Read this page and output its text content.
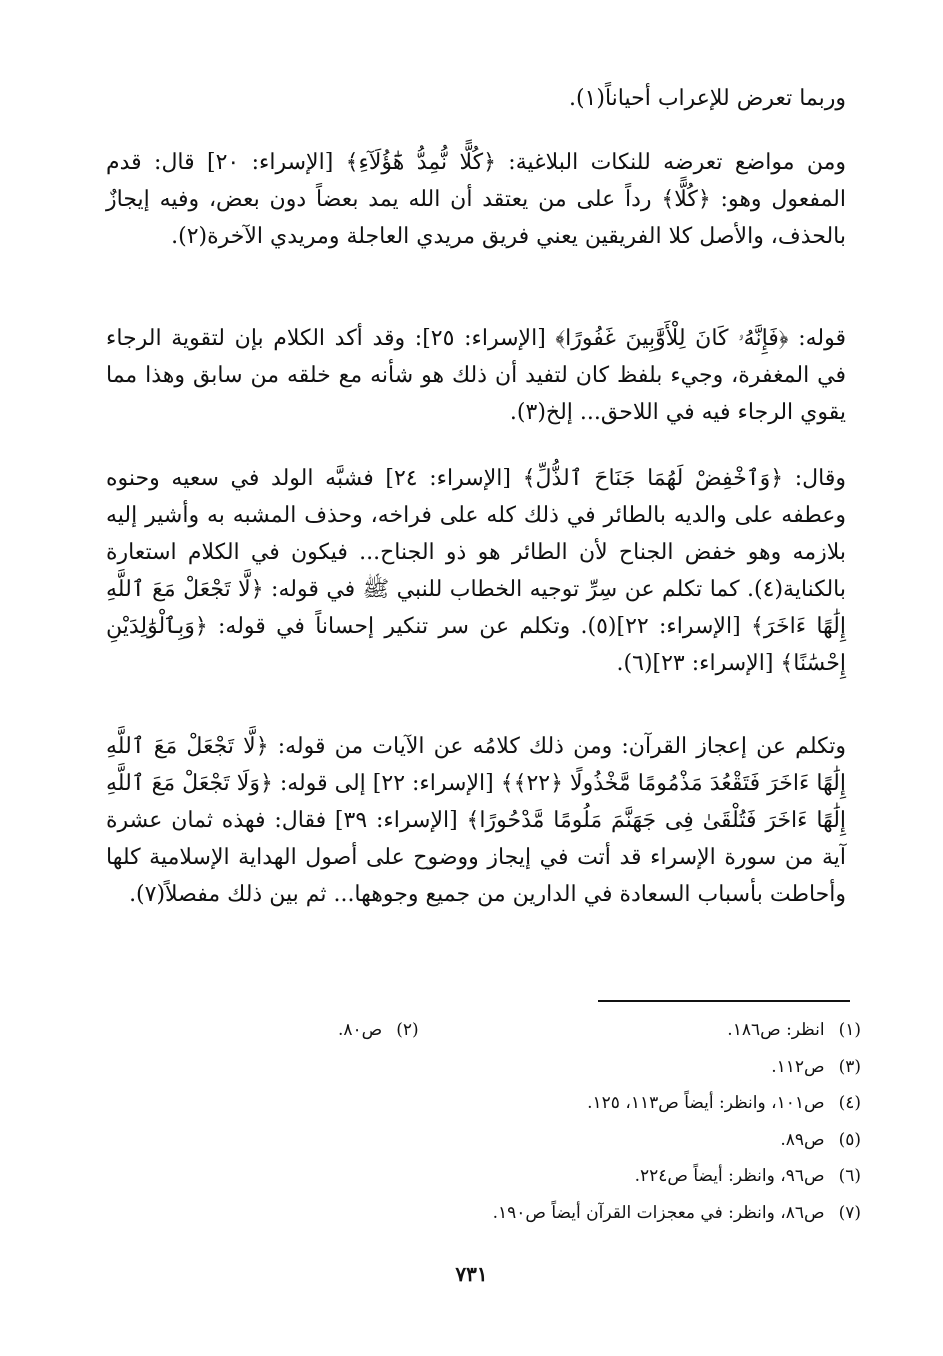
وربما تعرض للإعراب أحياناً(١).

ومن مواضع تعرضه للنكات البلاغية: ﴿كُلًّا نُّمِدُّ هَٰٓؤُلَآءِ﴾ [الإسراء: ٢٠] قال: قدم المفعول وهو: ﴿كُلًّا﴾ رداً على من يعتقد أن الله يمد بعضاً دون بعض، وفيه إيجازٌ بالحذف، والأصل كلا الفريقين يعني فريق مريدي العاجلة ومريدي الآخرة(٢).

قوله: ﴿فَإِنَّهُۥ كَانَ لِلْأَوَّٰبِينَ غَفُورًا﴾ [الإسراء: ٢٥]: وقد أكد الكلام بإن لتقوية الرجاء في المغفرة، وجيء بلفظ كان لتفيد أن ذلك هو شأنه مع خلقه من سابق وهذا مما يقوي الرجاء فيه في اللاحق... إلخ(٣).

وقال: ﴿وَٱخْفِضْ لَهُمَا جَنَاحَ ٱلذُّلِّ﴾ [الإسراء: ٢٤] فشبَّه الولد في سعيه وحنوه وعطفه على والديه بالطائر في ذلك كله على فراخه، وحذف المشبه به وأشير إليه بلازمه وهو خفض الجناح لأن الطائر هو ذو الجناح... فيكون في الكلام استعارة بالكناية(٤). كما تكلم عن سِرِّ توجيه الخطاب للنبي ﷺ في قوله: ﴿لَّا تَجْعَلْ مَعَ ٱللَّهِ إِلَٰهًا ءَاخَرَ﴾ [الإسراء: ٢٢](٥). وتكلم عن سر تنكير إحساناً في قوله: ﴿وَبِٱلْوَٰلِدَيْنِ إِحْسَٰنًا﴾ [الإسراء: ٢٣](٦).

وتكلم عن إعجاز القرآن: ومن ذلك كلامُه عن الآيات من قوله: ﴿لَّا تَجْعَلْ مَعَ ٱللَّهِ إِلَٰهًا ءَاخَرَ فَتَقْعُدَ مَذْمُومًا مَّخْذُولًا ﴿٢٢﴾﴾ [الإسراء: ٢٢] إلى قوله: ﴿وَلَا تَجْعَلْ مَعَ ٱللَّهِ إِلَٰهًا ءَاخَرَ فَتُلْقَىٰ فِى جَهَنَّمَ مَلُومًا مَّدْحُورًا﴾ [الإسراء: ٣٩] فقال: فهذه ثمان عشرة آية من سورة الإسراء قد أتت في إيجاز ووضوح على أصول الهداية الإسلامية كلها وأحاطت بأسباب السعادة في الدارين من جميع وجوهها... ثم بين ذلك مفصلاً(٧).

(١)انظر: ص١٨٦.
(٣)ص١١٢.
(٤)ص١٠١، وانظر: أيضاً ص١١٣، ١٢٥.
(٥)ص٨٩.
(٦)ص٩٦، وانظر: أيضاً ص٢٢٤.
(٧)ص٨٦، وانظر: في معجزات القرآن أيضاً ص١٩٠.
(٢)ص٨٠.
٧٣١
